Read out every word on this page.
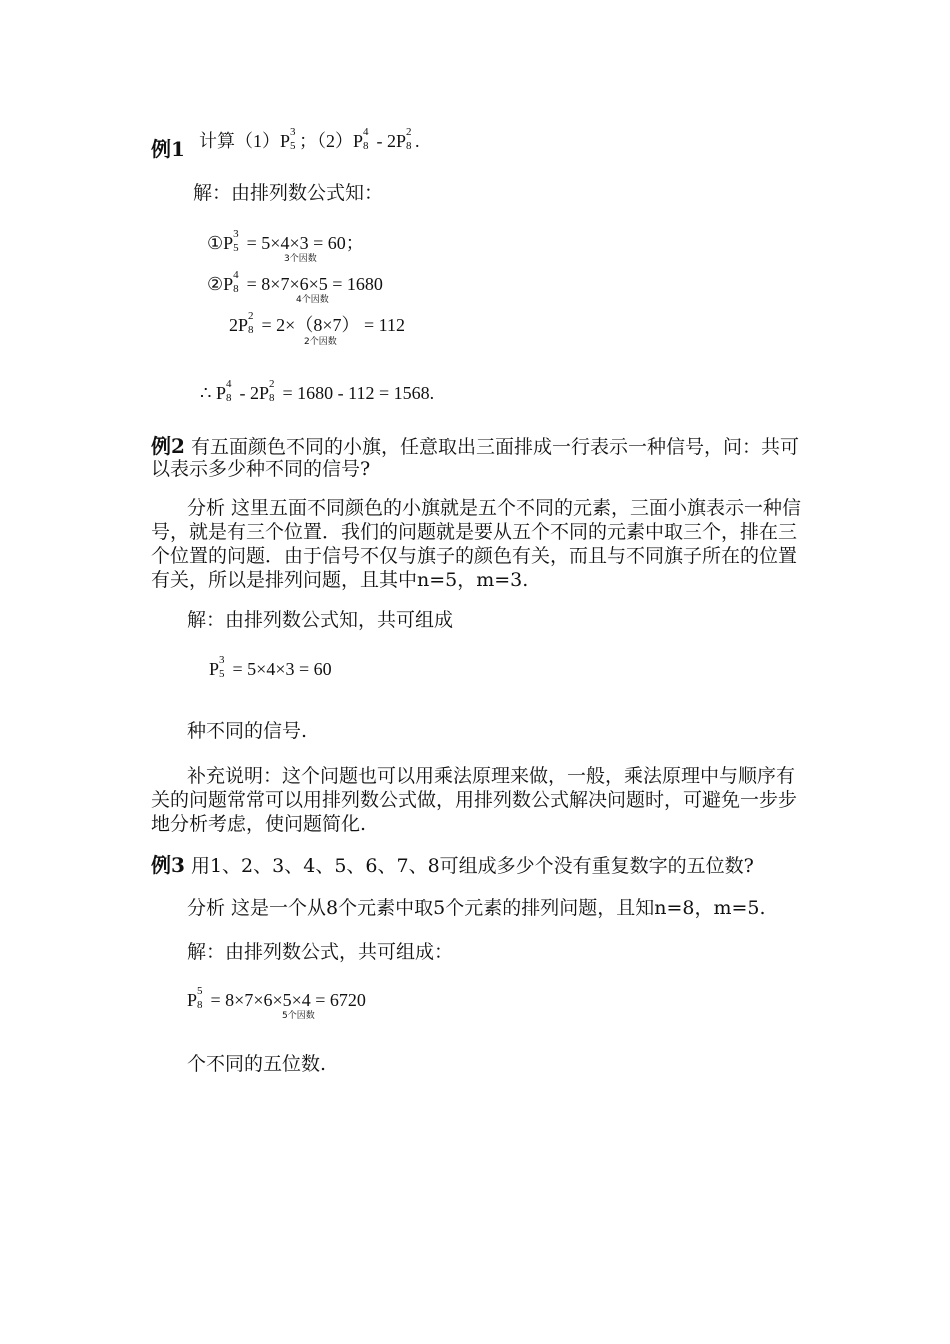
例1 计算（1）P 3
5 ；（2）P 4
8 - 2P 2
8 .
解：由排列数公式知：
①P 3
5 = 5×4×3 = 60；
3个因数
②P 4
8 = 8×7×6×5 = 1680
4个因数
2P 2
8 = 2×（8×7） = 112
2个因数
∴ P 4
8 - 2P 2
8 = 1680 - 112 = 1568.
例2 有五面颜色不同的小旗，任意取出三面排成一行表示一种信号，问：共可
以表示多少种不同的信号?
分析 这里五面不同颜色的小旗就是五个不同的元素，三面小旗表示一种信
号，就是有三个位置．我们的问题就是要从五个不同的元素中取三个，排在三
个位置的问题．由于信号不仅与旗子的颜色有关，而且与不同旗子所在的位置
有关，所以是排列问题，且其中n=5，m=3.
解：由排列数公式知，共可组成
P 3
5 = 5×4×3 = 60
种不同的信号.
补充说明：这个问题也可以用乘法原理来做，一般，乘法原理中与顺序有
关的问题常常可以用排列数公式做，用排列数公式解决问题时，可避免一步步
地分析考虑，使问题简化.
例3 用1、2、3、4、5、6、7、8可组成多少个没有重复数字的五位数?
分析 这是一个从8个元素中取5个元素的排列问题，且知n=8，m=5.
解：由排列数公式，共可组成：
P 5
8 = 8×7×6×5×4 = 6720
5个因数
个不同的五位数.
